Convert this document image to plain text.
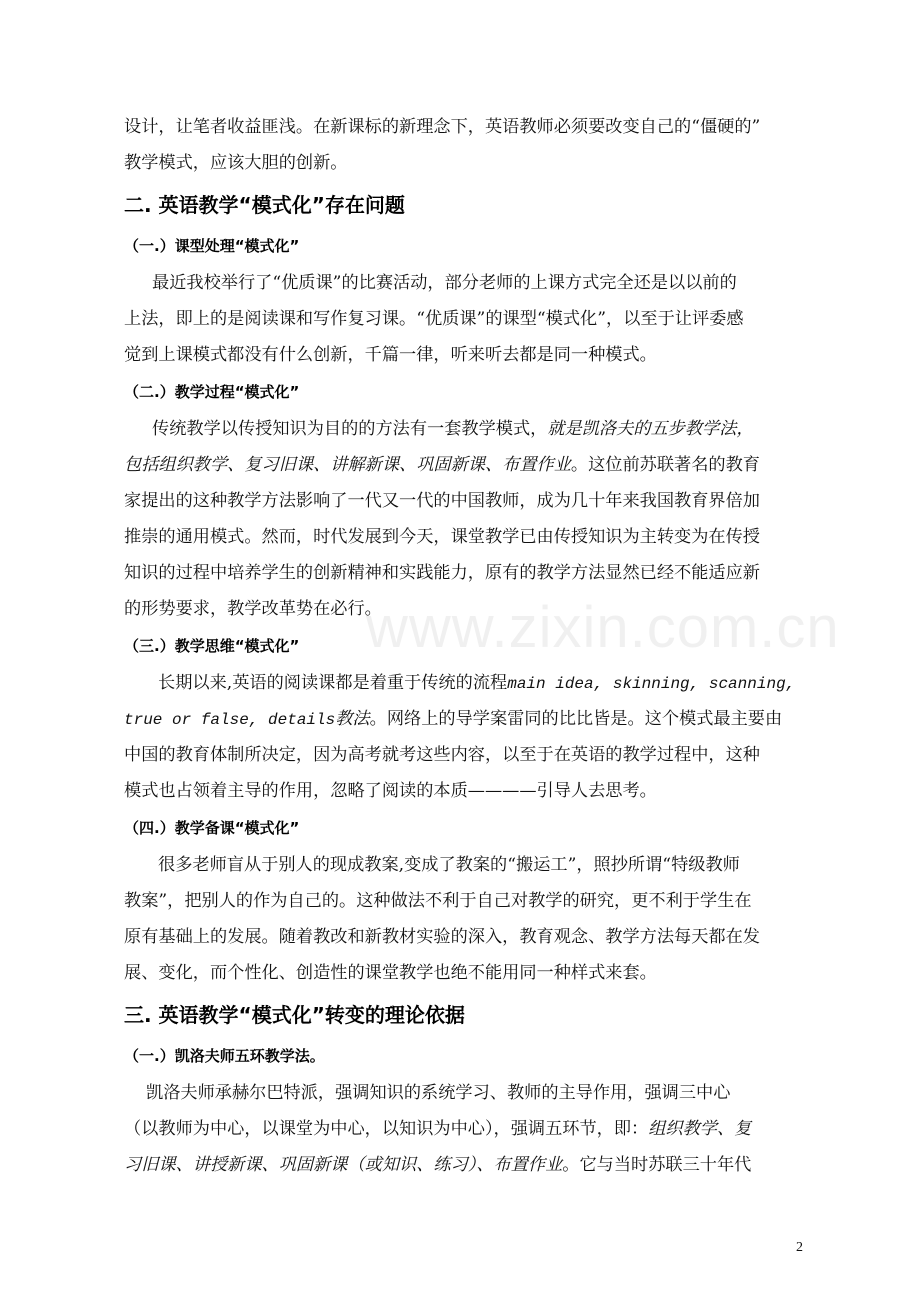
www.zixin.com.cn

设计，让笔者收益匪浅。在新课标的新理念下，英语教师必须要改变自己的“僵硬的”

教学模式，应该大胆的创新。

二. 英语教学“模式化”存在问题
（一.）课型处理“模式化”

最近我校举行了“优质课”的比赛活动，部分老师的上课方式完全还是以以前的

上法，即上的是阅读课和写作复习课。“优质课”的课型“模式化”，以至于让评委感

觉到上课模式都没有什么创新，千篇一律，听来听去都是同一种模式。

（二.）教学过程“模式化”

传统教学以传授知识为目的的方法有一套教学模式，就是凯洛夫的五步教学法，

包括组织教学、复习旧课、讲解新课、巩固新课、布置作业。这位前苏联著名的教育

家提出的这种教学方法影响了一代又一代的中国教师，成为几十年来我国教育界倍加

推崇的通用模式。然而，时代发展到今天，课堂教学已由传授知识为主转变为在传授

知识的过程中培养学生的创新精神和实践能力，原有的教学方法显然已经不能适应新

的形势要求，教学改革势在必行。

（三.）教学思维“模式化”

长期以来,英语的阅读课都是着重于传统的流程main idea, skinning, scanning,

true or false, details教法。网络上的导学案雷同的比比皆是。这个模式最主要由

中国的教育体制所决定，因为高考就考这些内容，以至于在英语的教学过程中，这种

模式也占领着主导的作用，忽略了阅读的本质————引导人去思考。

（四.）教学备课“模式化”

很多老师盲从于别人的现成教案,变成了教案的“搬运工”，照抄所谓“特级教师

教案”，把别人的作为自己的。这种做法不利于自己对教学的研究，更不利于学生在

原有基础上的发展。随着教改和新教材实验的深入，教育观念、教学方法每天都在发

展、变化，而个性化、创造性的课堂教学也绝不能用同一种样式来套。

三. 英语教学“模式化”转变的理论依据
（一.）凯洛夫师五环教学法。

凯洛夫师承赫尔巴特派，强调知识的系统学习、教师的主导作用，强调三中心

（以教师为中心，以课堂为中心，以知识为中心），强调五环节，即：组织教学、复

习旧课、讲授新课、巩固新课（或知识、练习）、布置作业。它与当时苏联三十年代

2
